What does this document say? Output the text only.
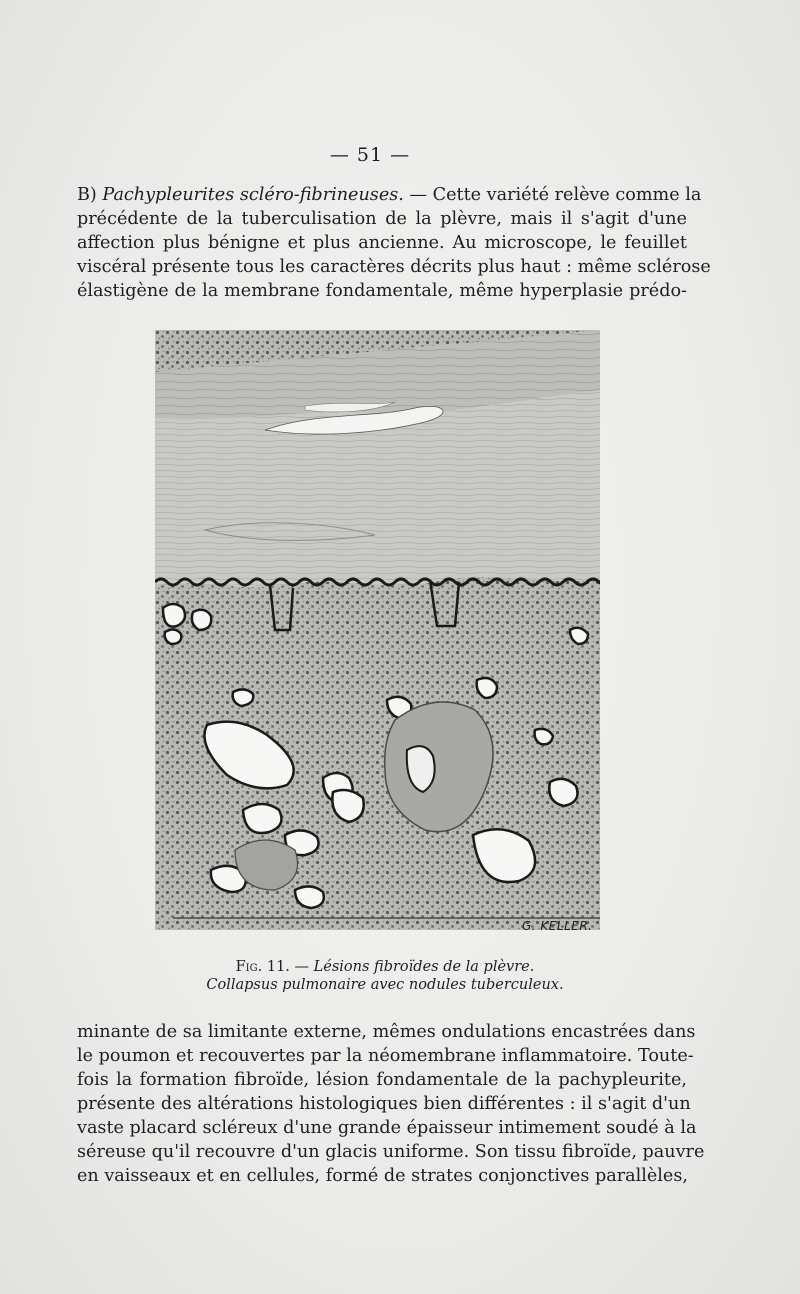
— 51 —
B) Pachypleurites scléro-fibrineuses. — Cette variété relève comme la
précédente de la tuberculisation de la plèvre, mais il s'agit d'une
affection plus bénigne et plus ancienne. Au microscope, le feuillet
viscéral présente tous les caractères décrits plus haut : même sclérose
élastigène de la membrane fondamentale, même hyperplasie prédo-
G. KELLER.
Fig. 11. — Lésions fibroïdes de la plèvre.
Collapsus pulmonaire avec nodules tuberculeux.
minante de sa limitante externe, mêmes ondulations encastrées dans
le poumon et recouvertes par la néomembrane inflammatoire. Toute-
fois la formation fibroïde, lésion fondamentale de la pachypleurite,
présente des altérations histologiques bien différentes : il s'agit d'un
vaste placard scléreux d'une grande épaisseur intimement soudé à la
séreuse qu'il recouvre d'un glacis uniforme. Son tissu fibroïde, pauvre
en vaisseaux et en cellules, formé de strates conjonctives parallèles,
